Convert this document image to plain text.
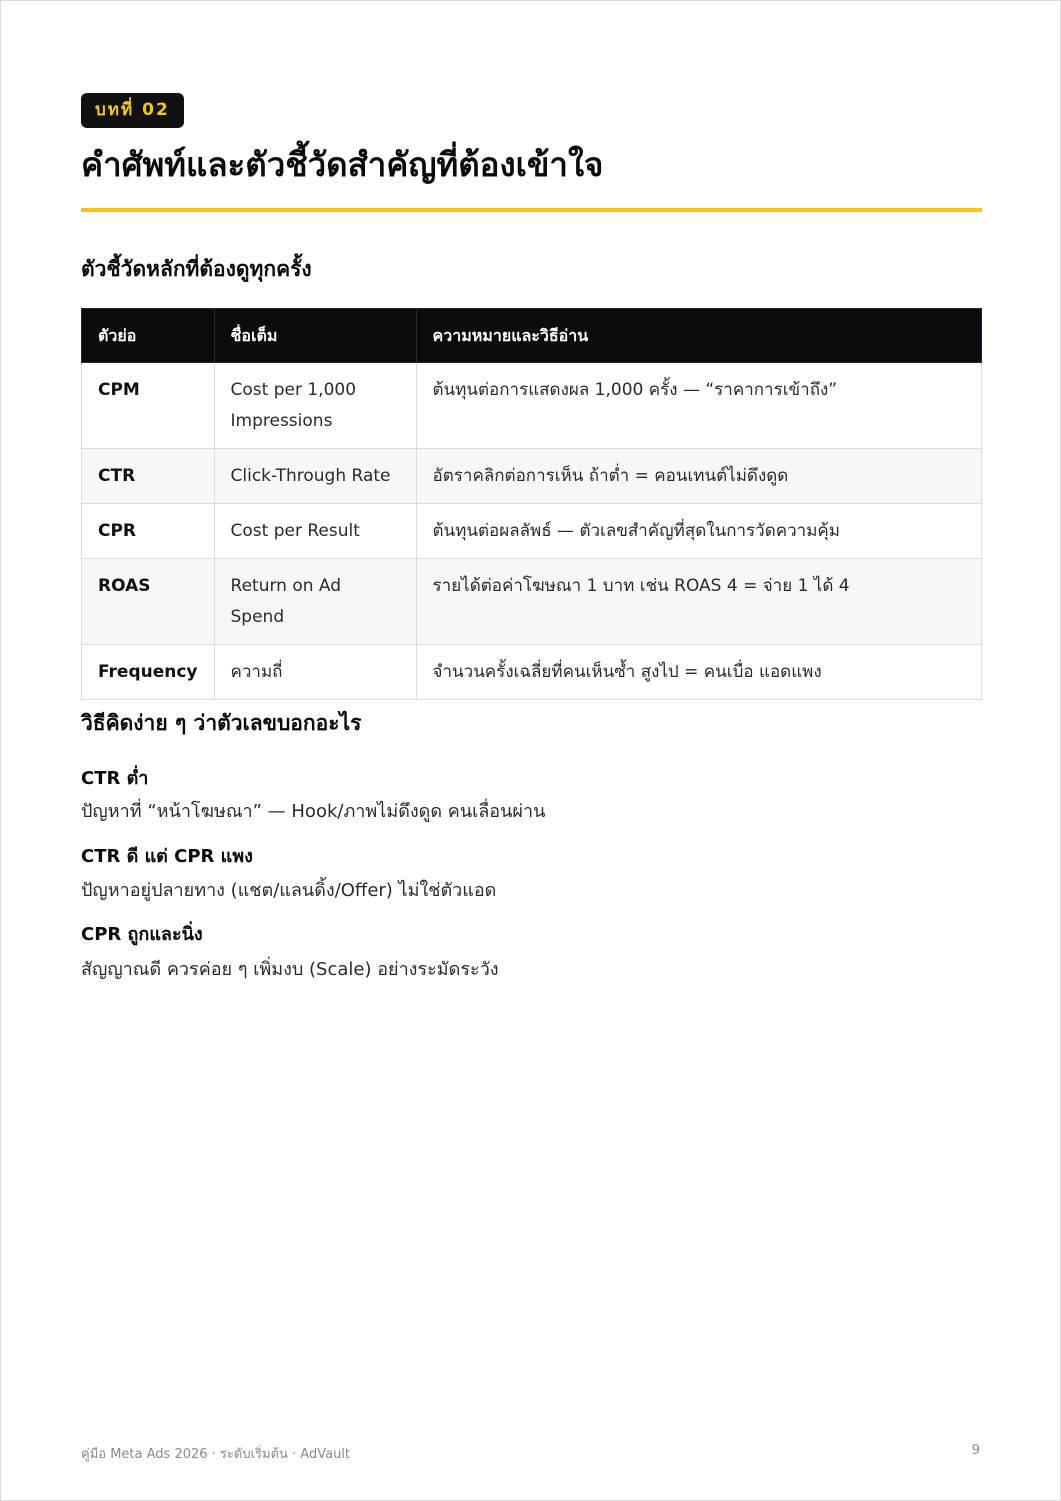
บทที่ 02
คำศัพท์และตัวชี้วัดสำคัญที่ต้องเข้าใจ
ตัวชี้วัดหลักที่ต้องดูทุกครั้ง
ตัวย่อ	ชื่อเต็ม	ความหมายและวิธีอ่าน
CPM	Cost per 1,000 Impressions	ต้นทุนต่อการแสดงผล 1,000 ครั้ง — “ราคาการเข้าถึง”
CTR	Click-Through Rate	อัตราคลิกต่อการเห็น ถ้าต่ำ = คอนเทนต์ไม่ดึงดูด
CPR	Cost per Result	ต้นทุนต่อผลลัพธ์ — ตัวเลขสำคัญที่สุดในการวัดความคุ้ม
ROAS	Return on Ad Spend	รายได้ต่อค่าโฆษณา 1 บาท เช่น ROAS 4 = จ่าย 1 ได้ 4
Frequency	ความถี่	จำนวนครั้งเฉลี่ยที่คนเห็นซ้ำ สูงไป = คนเบื่อ แอดแพง
วิธีคิดง่าย ๆ ว่าตัวเลขบอกอะไร
CTR ต่ำ
ปัญหาที่ “หน้าโฆษณา” — Hook/ภาพไม่ดึงดูด คนเลื่อนผ่าน
CTR ดี แต่ CPR แพง
ปัญหาอยู่ปลายทาง (แชต/แลนดิ้ง/Offer) ไม่ใช่ตัวแอด
CPR ถูกและนิ่ง
สัญญาณดี ควรค่อย ๆ เพิ่มงบ (Scale) อย่างระมัดระวัง
คู่มือ Meta Ads 2026 · ระดับเริ่มต้น · AdVault	9
